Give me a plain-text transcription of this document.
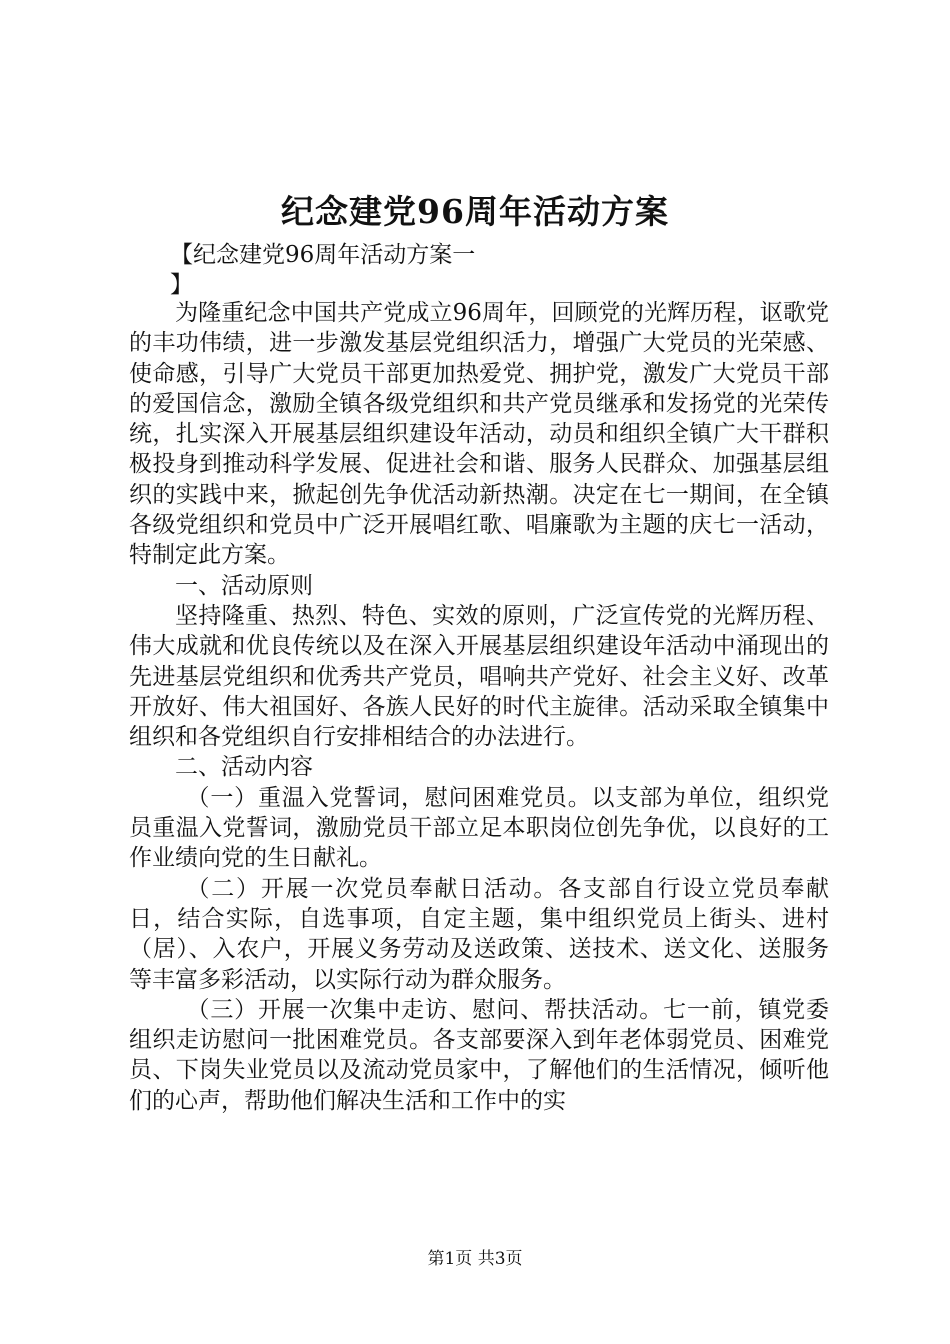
纪念建党96周年活动方案
【纪念建党96周年活动方案一
】

为隆重纪念中国共产党成立96周年，回顾党的光辉历程，讴歌党的丰功伟绩，进一步激发基层党组织活力，增强广大党员的光荣感、使命感，引导广大党员干部更加热爱党、拥护党，激发广大党员干部的爱国信念，激励全镇各级党组织和共产党员继承和发扬党的光荣传统，扎实深入开展基层组织建设年活动，动员和组织全镇广大干群积极投身到推动科学发展、促进社会和谐、服务人民群众、加强基层组织的实践中来，掀起创先争优活动新热潮。决定在七一期间，在全镇各级党组织和党员中广泛开展唱红歌、唱廉歌为主题的庆七一活动，特制定此方案。

一、活动原则

坚持隆重、热烈、特色、实效的原则，广泛宣传党的光辉历程、伟大成就和优良传统以及在深入开展基层组织建设年活动中涌现出的先进基层党组织和优秀共产党员，唱响共产党好、社会主义好、改革开放好、伟大祖国好、各族人民好的时代主旋律。活动采取全镇集中组织和各党组织自行安排相结合的办法进行。

二、活动内容

（一）重温入党誓词，慰问困难党员。以支部为单位，组织党员重温入党誓词，激励党员干部立足本职岗位创先争优，以良好的工作业绩向党的生日献礼。

（二）开展一次党员奉献日活动。各支部自行设立党员奉献日，结合实际，自选事项，自定主题，集中组织党员上街头、进村（居）、入农户，开展义务劳动及送政策、送技术、送文化、送服务等丰富多彩活动，以实际行动为群众服务。

（三）开展一次集中走访、慰问、帮扶活动。七一前，镇党委组织走访慰问一批困难党员。各支部要深入到年老体弱党员、困难党员、下岗失业党员以及流动党员家中，了解他们的生活情况，倾听他们的心声，帮助他们解决生活和工作中的实

第1页 共3页
